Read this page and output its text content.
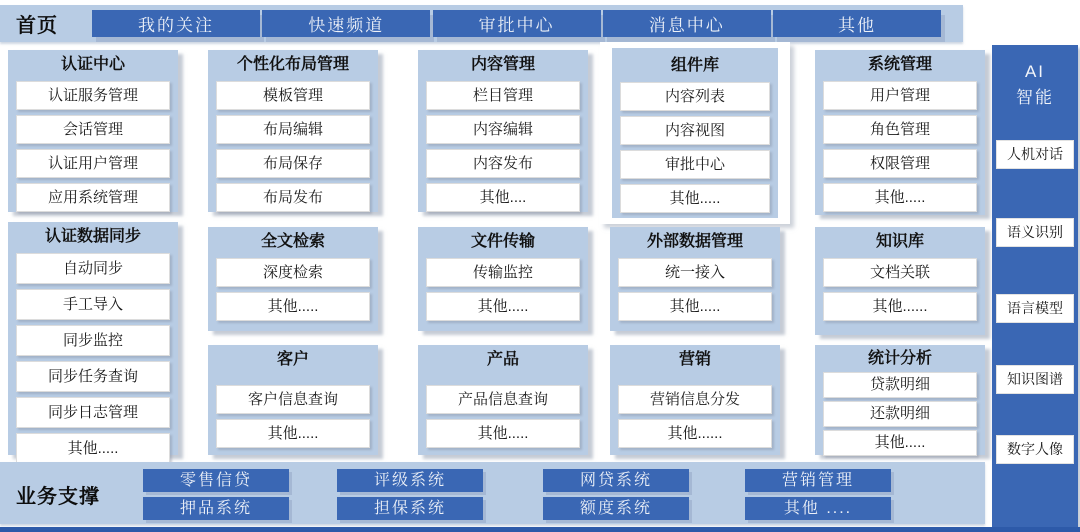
首页	我的关注	快速频道	审批中心	消息中心	其他
认证中心
认证服务管理
会话管理
认证用户管理
应用系统管理
认证数据同步
自动同步
手工导入
同步监控
同步任务查询
同步日志管理
其他.....
个性化布局管理
模板管理
布局编辑
布局保存
布局发布
全文检索
深度检索
其他.....
客户
客户信息查询
其他.....
内容管理
栏目管理
内容编辑
内容发布
其他....
文件传输
传输监控
其他.....
产品
产品信息查询
其他.....
组件库
内容列表
内容视图
审批中心
其他.....
外部数据管理
统一接入
其他.....
营销
营销信息分发
其他......
系统管理
用户管理
角色管理
权限管理
其他.....
知识库
文档关联
其他......
统计分析
贷款明细
还款明细
其他.....
AI
智能
人机对话
语义识别
语言模型
知识图谱
数字人像
业务支撑
零售信贷	评级系统	网贷系统	营销管理
押品系统	担保系统	额度系统	其他 ....
